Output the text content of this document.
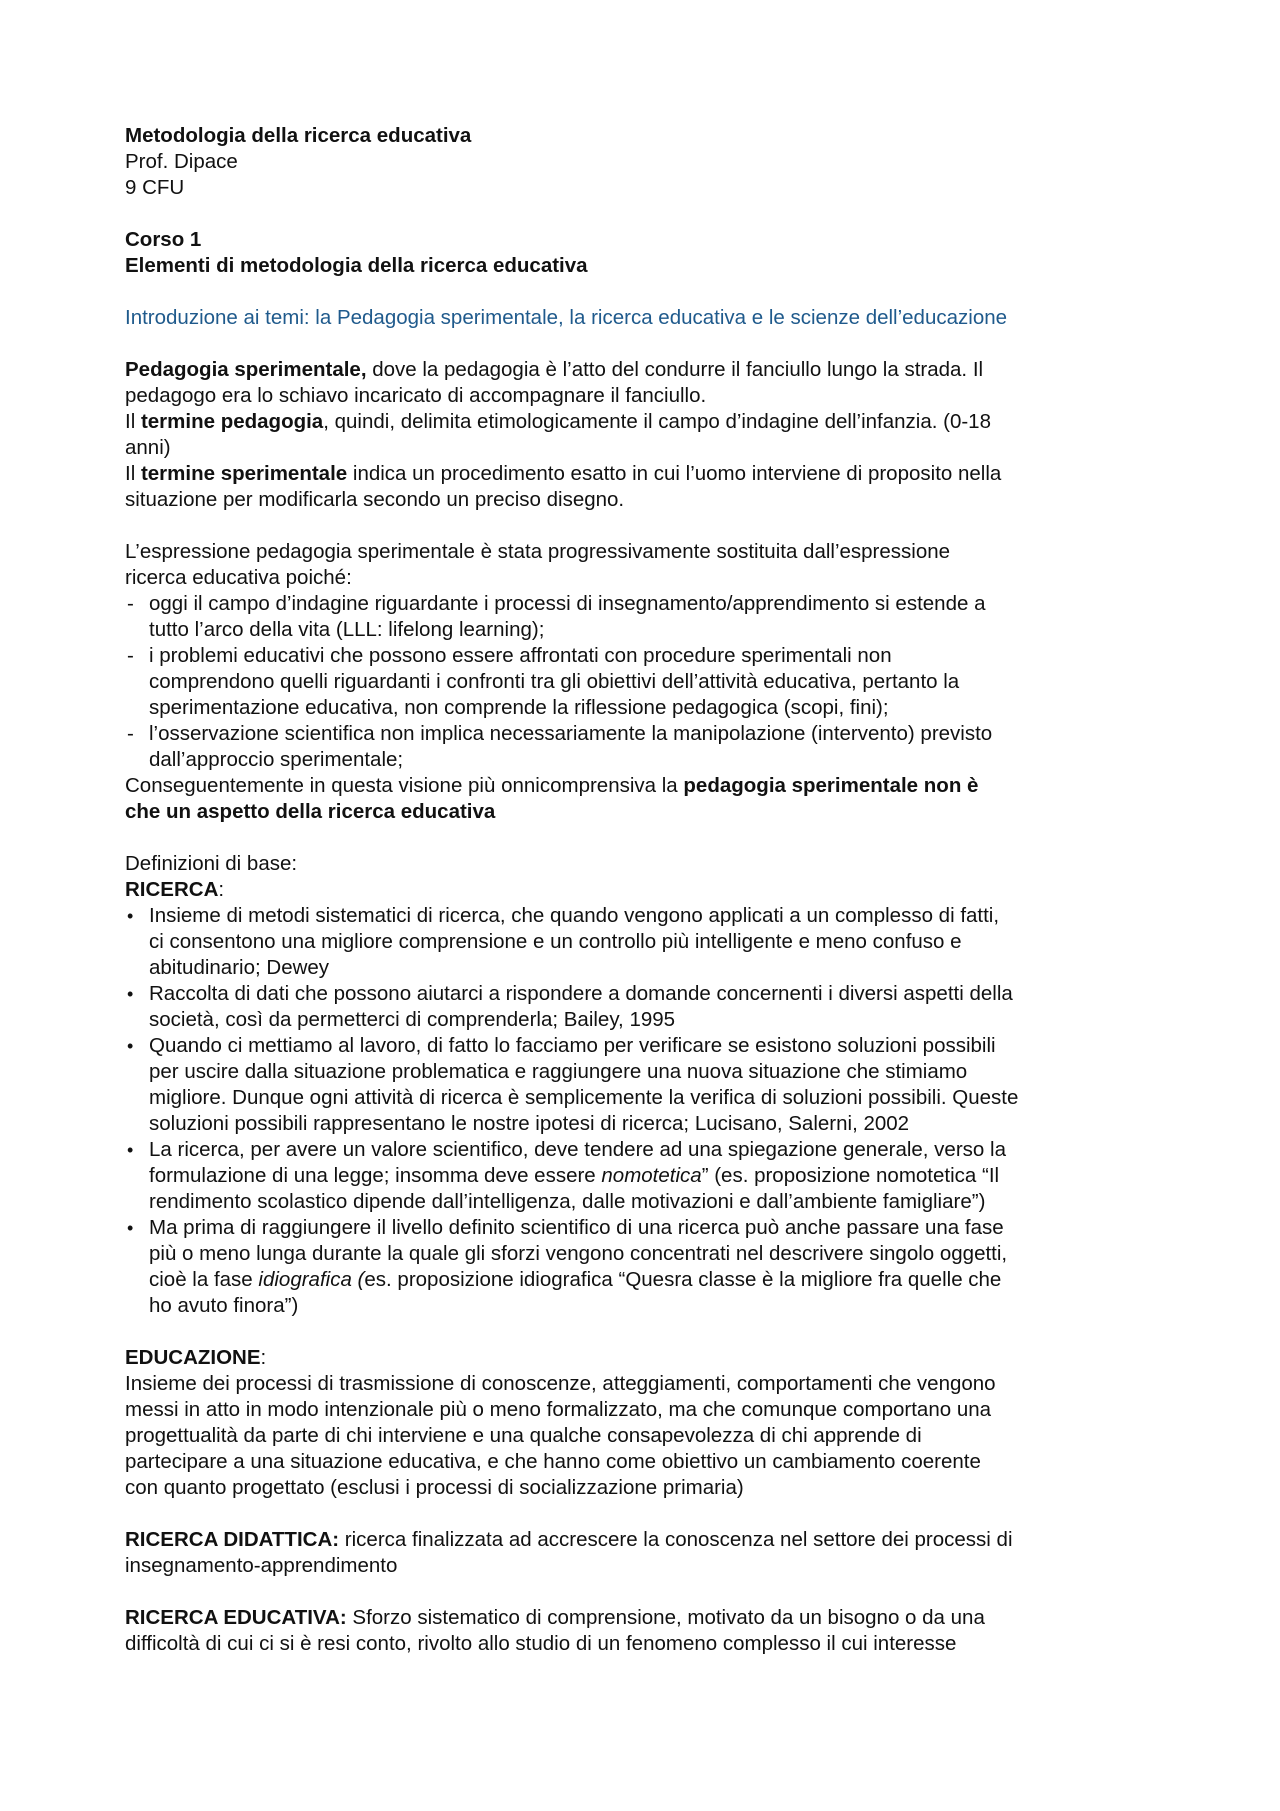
Metodologia della ricerca educativa
Prof. Dipace
9 CFU
Corso 1
Elementi di metodologia della ricerca educativa
Introduzione ai temi: la Pedagogia sperimentale, la ricerca educativa e le scienze dell’educazione
Pedagogia sperimentale, dove la pedagogia è l’atto del condurre il fanciullo lungo la strada. Il
pedagogo era lo schiavo incaricato di accompagnare il fanciullo.
Il termine pedagogia, quindi, delimita etimologicamente il campo d’indagine dell’infanzia. (0-18
anni)
Il termine sperimentale indica un procedimento esatto in cui l’uomo interviene di proposito nella
situazione per modificarla secondo un preciso disegno.
L’espressione pedagogia sperimentale è stata progressivamente sostituita dall’espressione
ricerca educativa poiché:
- oggi il campo d’indagine riguardante i processi di insegnamento/apprendimento si estende a
tutto l’arco della vita (LLL: lifelong learning);
- i problemi educativi che possono essere affrontati con procedure sperimentali non
comprendono quelli riguardanti i confronti tra gli obiettivi dell’attività educativa, pertanto la
sperimentazione educativa, non comprende la riflessione pedagogica (scopi, fini);
- l’osservazione scientifica non implica necessariamente la manipolazione (intervento) previsto
dall’approccio sperimentale;
Conseguentemente in questa visione più onnicomprensiva la pedagogia sperimentale non è
che un aspetto della ricerca educativa
Definizioni di base:
RICERCA:
• Insieme di metodi sistematici di ricerca, che quando vengono applicati a un complesso di fatti,
ci consentono una migliore comprensione e un controllo più intelligente e meno confuso e
abitudinario; Dewey
• Raccolta di dati che possono aiutarci a rispondere a domande concernenti i diversi aspetti della
società, così da permetterci di comprenderla; Bailey, 1995
• Quando ci mettiamo al lavoro, di fatto lo facciamo per verificare se esistono soluzioni possibili
per uscire dalla situazione problematica e raggiungere una nuova situazione che stimiamo
migliore. Dunque ogni attività di ricerca è semplicemente la verifica di soluzioni possibili. Queste
soluzioni possibili rappresentano le nostre ipotesi di ricerca; Lucisano, Salerni, 2002
• La ricerca, per avere un valore scientifico, deve tendere ad una spiegazione generale, verso la
formulazione di una legge; insomma deve essere nomotetica” (es. proposizione nomotetica “Il
rendimento scolastico dipende dall’intelligenza, dalle motivazioni e dall’ambiente famigliare”)
• Ma prima di raggiungere il livello definito scientifico di una ricerca può anche passare una fase
più o meno lunga durante la quale gli sforzi vengono concentrati nel descrivere singolo oggetti,
cioè la fase idiografica (es. proposizione idiografica “Quesra classe è la migliore fra quelle che
ho avuto finora”)
EDUCAZIONE:
Insieme dei processi di trasmissione di conoscenze, atteggiamenti, comportamenti che vengono
messi in atto in modo intenzionale più o meno formalizzato, ma che comunque comportano una
progettualità da parte di chi interviene e una qualche consapevolezza di chi apprende di
partecipare a una situazione educativa, e che hanno come obiettivo un cambiamento coerente
con quanto progettato (esclusi i processi di socializzazione primaria)
RICERCA DIDATTICA: ricerca finalizzata ad accrescere la conoscenza nel settore dei processi di
insegnamento-apprendimento
RICERCA EDUCATIVA: Sforzo sistematico di comprensione, motivato da un bisogno o da una
difficoltà di cui ci si è resi conto, rivolto allo studio di un fenomeno complesso il cui interesse
